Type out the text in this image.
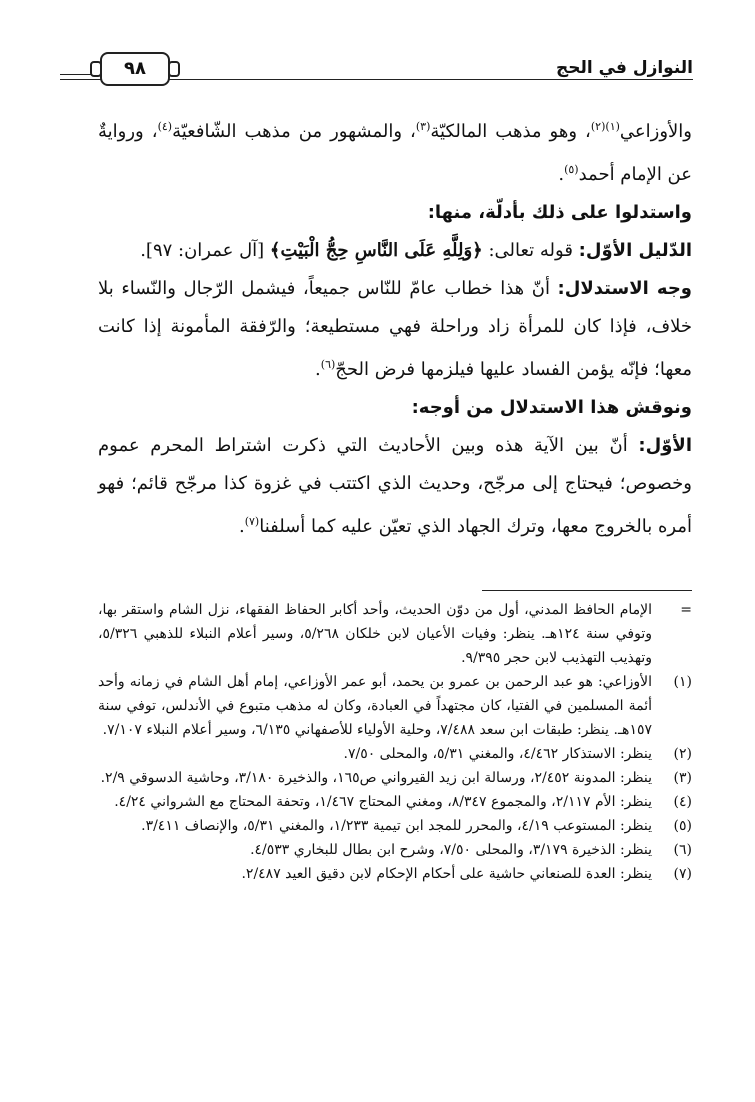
النوازل في الحج
٩٨

والأوزاعي$^{(١)(٢)}$، وهو مذهب المالكيّة$^{(٣)}$، والمشهور من مذهب الشّافعيّة$^{(٤)}$، وروايةٌ عن الإمام أحمد$^{(٥)}$.

واستدلوا على ذلك بأدلّة، منها:

الدّليل الأوّل: قوله تعالى: ﴿وَلِلَّهِ عَلَى النَّاسِ حِجُّ الْبَيْتِ﴾ [آل عمران: ٩٧].

وجه الاستدلال: أنّ هذا خطاب عامّ للنّاس جميعاً، فيشمل الرّجال والنّساء بلا خلاف، فإذا كان للمرأة زاد وراحلة فهي مستطيعة؛ والرّفقة المأمونة إذا كانت معها؛ فإنّه يؤمن الفساد عليها فيلزمها فرض الحجّ$^{(٦)}$.

ونوقش هذا الاستدلال من أوجه:

الأوّل: أنّ بين الآية هذه وبين الأحاديث التي ذكرت اشتراط المحرم عموم وخصوص؛ فيحتاج إلى مرجّح، وحديث الذي اكتتب في غزوة كذا مرجّح قائم؛ فهو أمره بالخروج معها، وترك الجهاد الذي تعيّن عليه كما أسلفنا$^{(٧)}$.

=
الإمام الحافظ المدني، أول من دوّن الحديث، وأحد أكابر الحفاظ الفقهاء، نزل الشام واستقر بها، وتوفي سنة ١٢٤هـ. ينظر: وفيات الأعيان لابن خلكان ٥/٢٦٨، وسير أعلام النبلاء للذهبي ٥/٣٢٦، وتهذيب التهذيب لابن حجر ٩/٣٩٥.
(١)
الأوزاعي: هو عبد الرحمن بن عمرو بن يحمد، أبو عمر الأوزاعي، إمام أهل الشام في زمانه وأحد أئمة المسلمين في الفتيا، كان مجتهداً في العبادة، وكان له مذهب متبوع في الأندلس، توفي سنة ١٥٧هـ. ينظر: طبقات ابن سعد ٧/٤٨٨، وحلية الأولياء للأصفهاني ٦/١٣٥، وسير أعلام النبلاء ٧/١٠٧.
(٢)
ينظر: الاستذكار ٤/٤٦٢، والمغني ٥/٣١، والمحلى ٧/٥٠.
(٣)
ينظر: المدونة ٢/٤٥٢، ورسالة ابن زيد القيرواني ص١٦٥، والذخيرة ٣/١٨٠، وحاشية الدسوقي ٢/٩.
(٤)
ينظر: الأم ٢/١١٧، والمجموع ٨/٣٤٧، ومغني المحتاج ١/٤٦٧، وتحفة المحتاج مع الشرواني ٤/٢٤.
(٥)
ينظر: المستوعب ٤/١٩، والمحرر للمجد ابن تيمية ١/٢٣٣، والمغني ٥/٣١، والإنصاف ٣/٤١١.
(٦)
ينظر: الذخيرة ٣/١٧٩، والمحلى ٧/٥٠، وشرح ابن بطال للبخاري ٤/٥٣٣.
(٧)
ينظر: العدة للصنعاني حاشية على أحكام الإحكام لابن دقيق العيد ٢/٤٨٧.
